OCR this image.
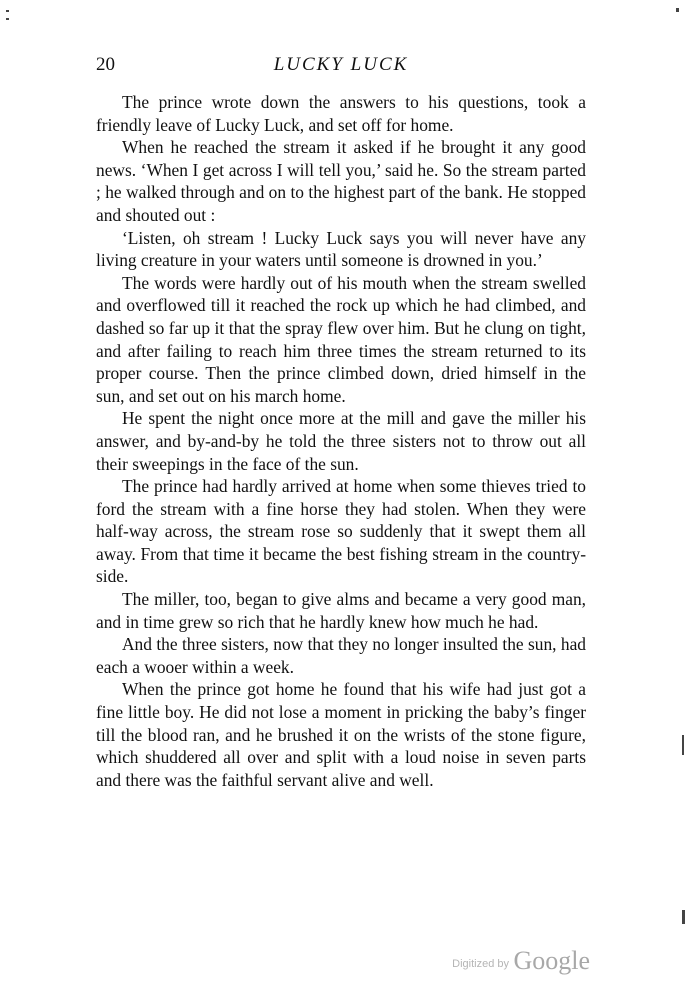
20	LUCKY LUCK

The prince wrote down the answers to his questions, took a friendly leave of Lucky Luck, and set off for home.

When he reached the stream it asked if he brought it any good news. ‘When I get across I will tell you,’ said he. So the stream parted ; he walked through and on to the highest part of the bank. He stopped and shouted out :

‘Listen, oh stream ! Lucky Luck says you will never have any living creature in your waters until someone is drowned in you.’

The words were hardly out of his mouth when the stream swelled and overflowed till it reached the rock up which he had climbed, and dashed so far up it that the spray flew over him. But he clung on tight, and after failing to reach him three times the stream returned to its proper course. Then the prince climbed down, dried himself in the sun, and set out on his march home.

He spent the night once more at the mill and gave the miller his answer, and by-and-by he told the three sisters not to throw out all their sweepings in the face of the sun.

The prince had hardly arrived at home when some thieves tried to ford the stream with a fine horse they had stolen. When they were half-way across, the stream rose so suddenly that it swept them all away. From that time it became the best fishing stream in the country-side.

The miller, too, began to give alms and became a very good man, and in time grew so rich that he hardly knew how much he had.

And the three sisters, now that they no longer insulted the sun, had each a wooer within a week.

When the prince got home he found that his wife had just got a fine little boy. He did not lose a moment in pricking the baby’s finger till the blood ran, and he brushed it on the wrists of the stone figure, which shuddered all over and split with a loud noise in seven parts and there was the faithful servant alive and well.

Digitized by Google
